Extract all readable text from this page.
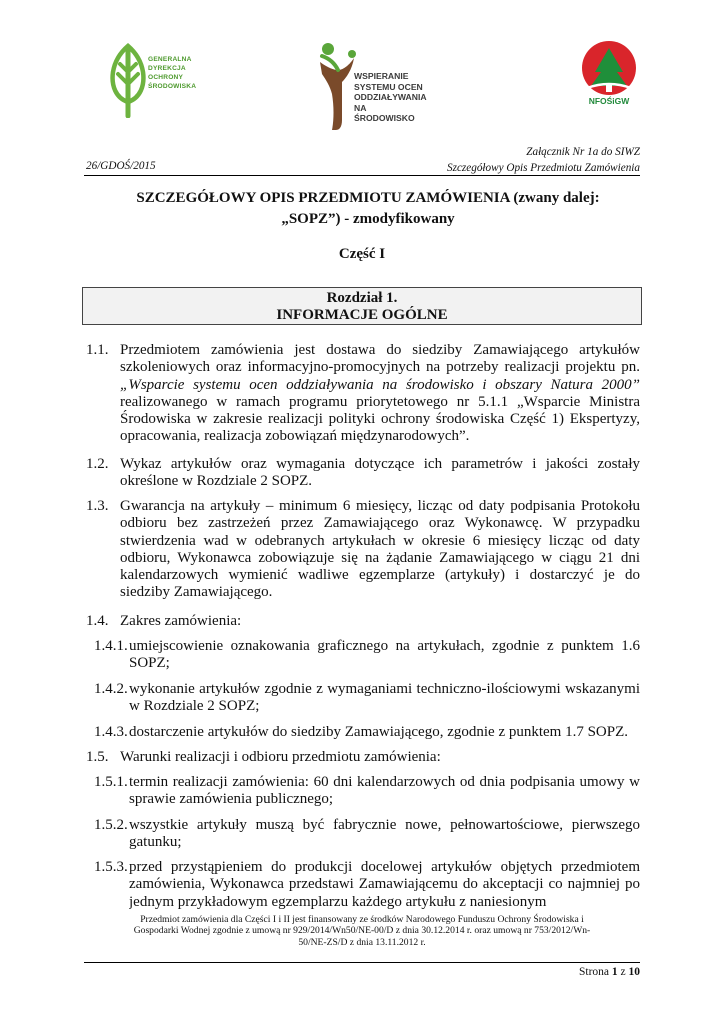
GENERALNA
DYREKCJA
OCHRONY
ŚRODOWISKA
WSPIERANIE
SYSTEMU OCEN
ODDZIAŁYWANIA
NA ŚRODOWISKO
NFOŚiGW
Załącznik Nr 1a do SIWZ
Szczegółowy Opis Przedmiotu Zamówienia
26/GDOŚ/2015
SZCZEGÓŁOWY OPIS PRZEDMIOTU ZAMÓWIENIA (zwany dalej:
„SOPZ”) - zmodyfikowany
Część I
Rozdział 1.
INFORMACJE OGÓLNE
1.1. Przedmiotem zamówienia jest dostawa do siedziby Zamawiającego artykułów szkoleniowych oraz informacyjno-promocyjnych na potrzeby realizacji projektu pn. „Wsparcie systemu ocen oddziaływania na środowisko i obszary Natura 2000” realizowanego w ramach programu priorytetowego nr 5.1.1 „Wsparcie Ministra Środowiska w zakresie realizacji polityki ochrony środowiska Część 1) Ekspertyzy, opracowania, realizacja zobowiązań międzynarodowych”.
1.2. Wykaz artykułów oraz wymagania dotyczące ich parametrów i jakości zostały określone w Rozdziale 2 SOPZ.
1.3. Gwarancja na artykuły – minimum 6 miesięcy, licząc od daty podpisania Protokołu odbioru bez zastrzeżeń przez Zamawiającego oraz Wykonawcę. W przypadku stwierdzenia wad w odebranych artykułach w okresie 6 miesięcy licząc od daty odbioru, Wykonawca zobowiązuje się na żądanie Zamawiającego w ciągu 21 dni kalendarzowych wymienić wadliwe egzemplarze (artykuły) i dostarczyć je do siedziby Zamawiającego.
1.4. Zakres zamówienia:
1.4.1. umiejscowienie oznakowania graficznego na artykułach, zgodnie z punktem 1.6 SOPZ;
1.4.2. wykonanie artykułów zgodnie z wymaganiami techniczno-ilościowymi wskazanymi w Rozdziale 2 SOPZ;
1.4.3. dostarczenie artykułów do siedziby Zamawiającego, zgodnie z punktem 1.7 SOPZ.
1.5. Warunki realizacji i odbioru przedmiotu zamówienia:
1.5.1. termin realizacji zamówienia: 60 dni kalendarzowych od dnia podpisania umowy w sprawie zamówienia publicznego;
1.5.2. wszystkie artykuły muszą być fabrycznie nowe, pełnowartościowe, pierwszego gatunku;
1.5.3. przed przystąpieniem do produkcji docelowej artykułów objętych przedmiotem zamówienia, Wykonawca przedstawi Zamawiającemu do akceptacji co najmniej po jednym przykładowym egzemplarzu każdego artykułu z naniesionym
Przedmiot zamówienia dla Części I i II jest finansowany ze środków Narodowego Funduszu Ochrony Środowiska i
Gospodarki Wodnej zgodnie z umową nr 929/2014/Wn50/NE-00/D z dnia 30.12.2014 r. oraz umową nr 753/2012/Wn-
50/NE-ZS/D z dnia 13.11.2012 r.
Strona 1 z 10
